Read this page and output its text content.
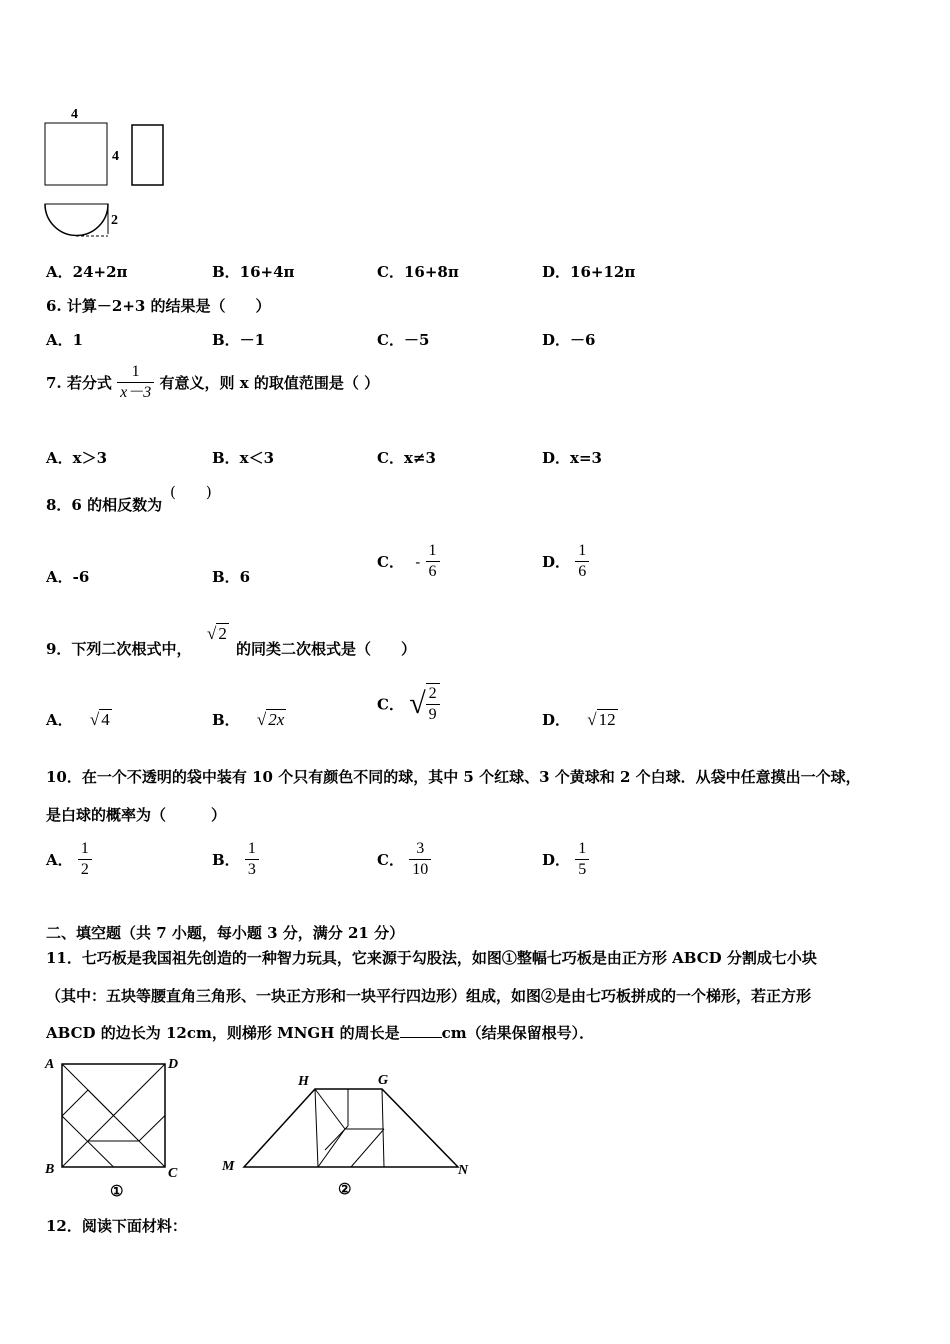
4
4
2
A．24+2π	B．16+4π	C．16+8π	D．16+12π
6. 计算－2+3 的结果是（　　）
A．1	B．－1	C．－5	D．－6
7. 若分式 $\frac{1}{x-3}$ 有意义，则 x 的取值范围是（ ）
A．x＞3	B．x＜3	C．x≠3	D．x=3
8．6 的相反数为
(　　)
A．-6	B．6
C． - $\frac{1}{6}$	D． $\frac{1}{6}$
9．下列二次根式中，
√ 2
的同类二次根式是（　　）
A． √ 4	B． √ 2x
C． √ $\frac{2}{9}$	D． √ 12
10．在一个不透明的袋中装有 10 个只有颜色不同的球，其中 5 个红球、3 个黄球和 2 个白球．从袋中任意摸出一个球，
是白球的概率为（　　　）
A． $\frac{1}{2}$	B． $\frac{1}{3}$	C． $\frac{3}{10}$	D． $\frac{1}{5}$
二、填空题（共 7 小题，每小题 3 分，满分 21 分）
11．七巧板是我国祖先创造的一种智力玩具，它来源于勾股法，如图①整幅七巧板是由正方形 ABCD 分割成七小块
（其中：五块等腰直角三角形、一块正方形和一块平行四边形）组成，如图②是由七巧板拼成的一个梯形，若正方形
ABCD 的边长为 12cm，则梯形 MNGH 的周长是	cm（结果保留根号）．
A	D
B	C
①
H	G
M	N
②
12．阅读下面材料：
